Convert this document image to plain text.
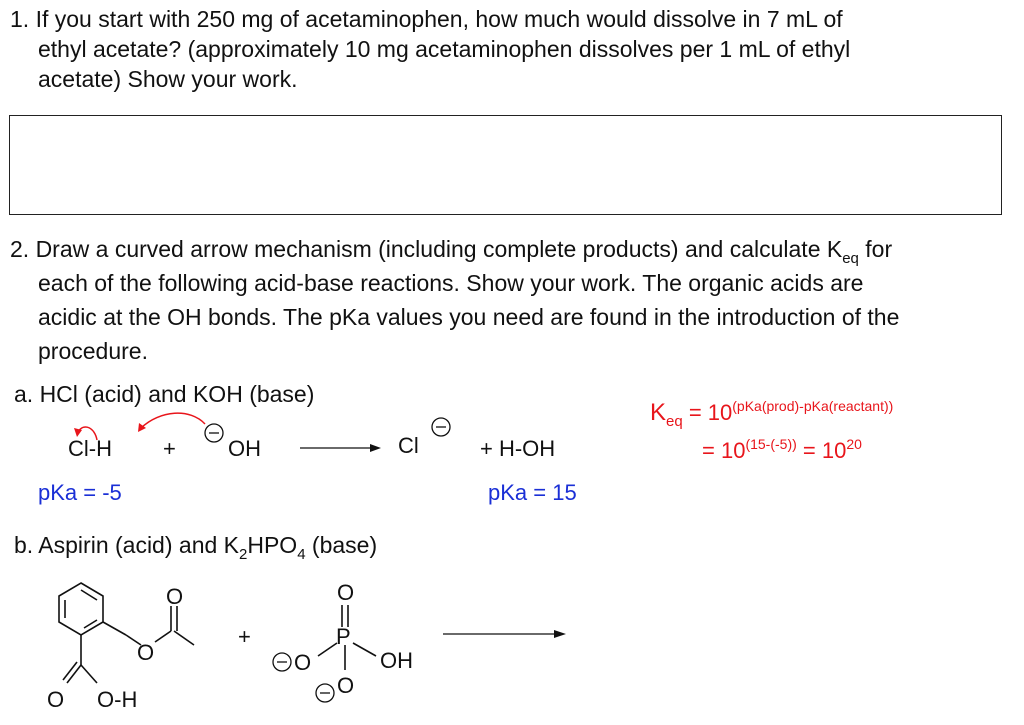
1. If you start with 250 mg of acetaminophen, how much would dissolve in 7 mL of
ethyl acetate? (approximately 10 mg acetaminophen dissolves per 1 mL of ethyl
acetate) Show your work.
2. Draw a curved arrow mechanism (including complete products) and calculate $K_{eq}$ for
each of the following acid-base reactions. Show your work. The organic acids are
acidic at the OH bonds. The pKa values you need are found in the introduction of the
procedure.
a. HCl (acid) and KOH (base)
Cl-H + OH	Cl	+ H-OH
pKa = -5	pKa = 15
$K_{eq} = 10^{(pKa(prod)-pKa(reactant))}$
= $10^{(15-(-5))} = 10^{20}$
b. Aspirin (acid) and $K_2HPO_4$ (base)
O
O
O O-H
+
O
P
O	OH
O
